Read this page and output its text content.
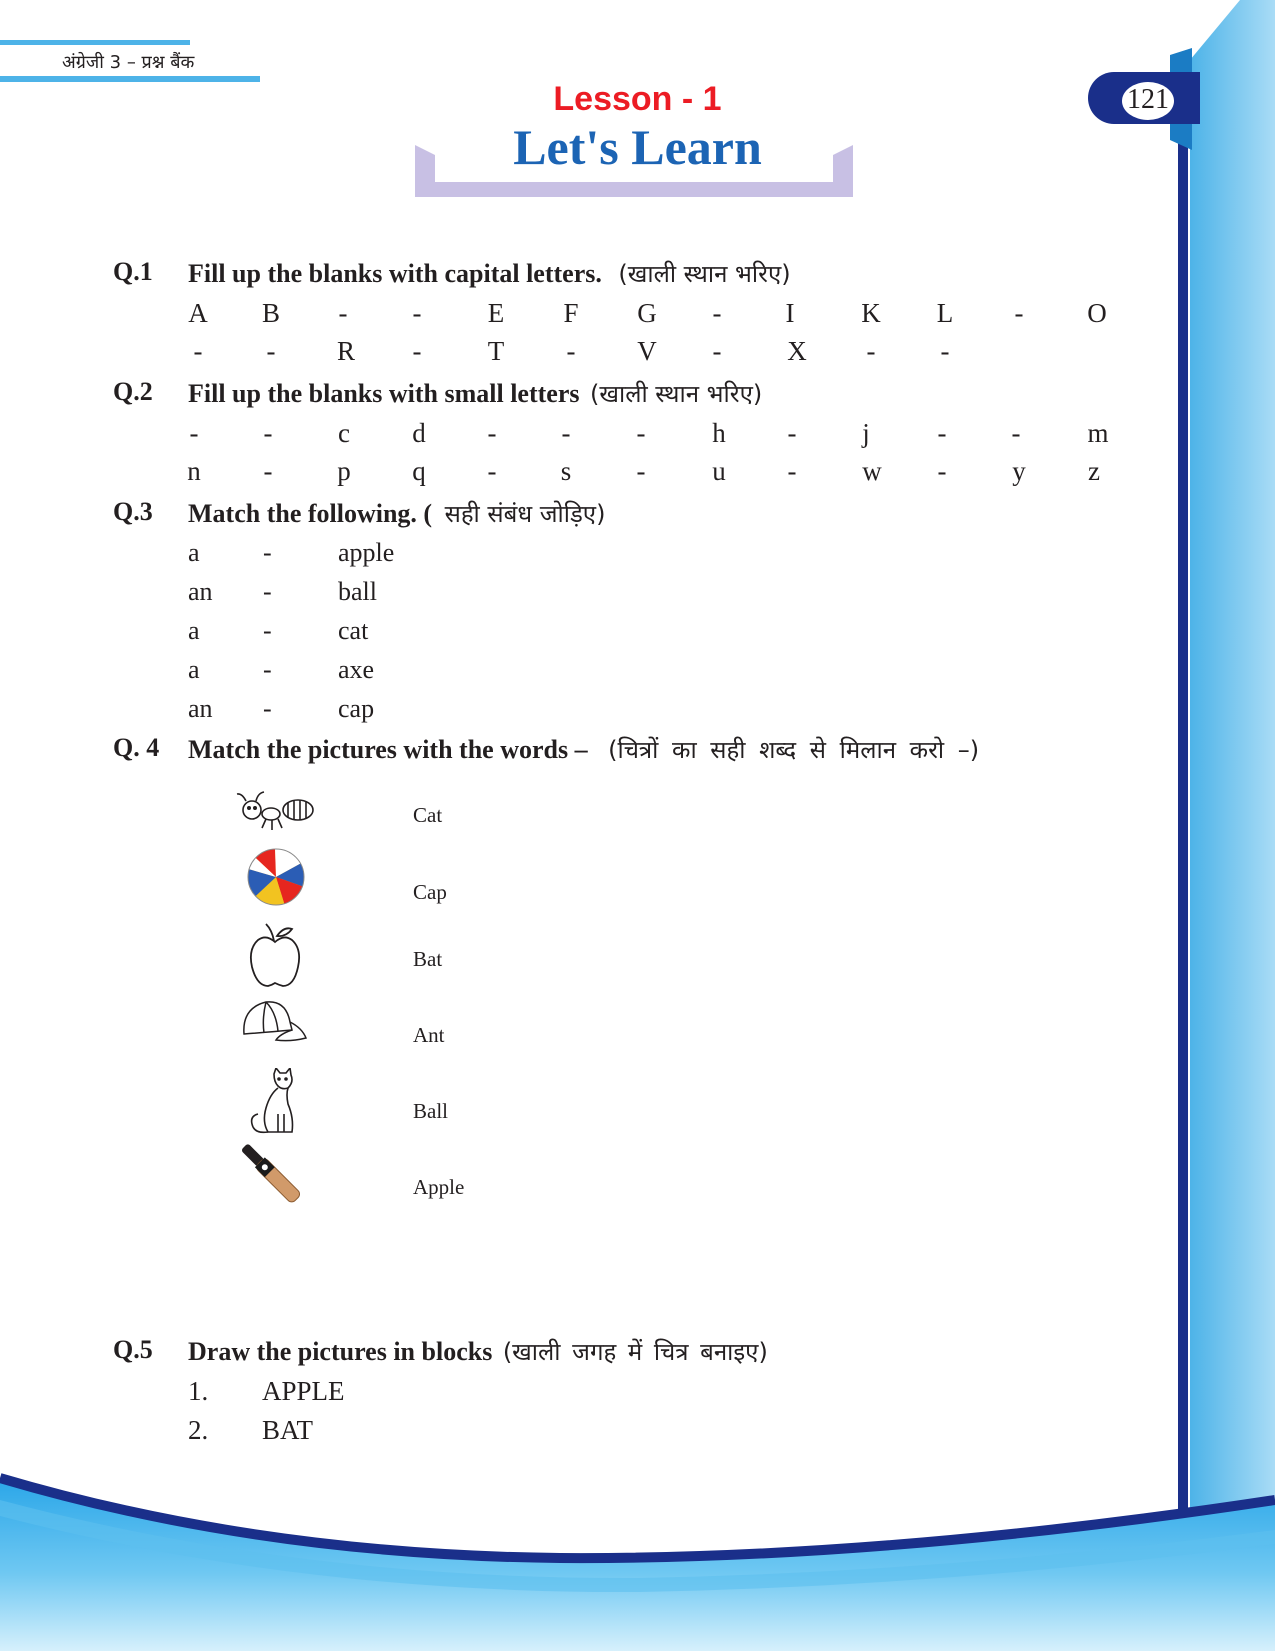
अंग्रेजी 3 – प्रश्न बैंक
121
Lesson - 1
Let's Learn
Q.1 Fill up the blanks with capital letters. (खाली स्थान भरिए)
A	B	-	-	E	F	G	-	I	K	L	-	O
-	-	R	-	T	-	V	-	X	-	-
Q.2 Fill up the blanks with small letters (खाली स्थान भरिए)
-	-	c	d	-	-	-	h	-	j	-	-	m
n	-	p	q	-	s	-	u	-	w	-	y	z
Q.3 Match the following. ( सही संबंध जोड़िए)
a -	apple
an -	ball
a -	cat
a -	axe
an -	cap
Q. 4 Match the pictures with the words – (चित्रों का सही शब्द से मिलान करो –)
Cat
Cap
Bat
Ant
Ball
Apple
Q.5 Draw the pictures in blocks (खाली जगह में चित्र बनाइए)
1. APPLE
2. BAT
